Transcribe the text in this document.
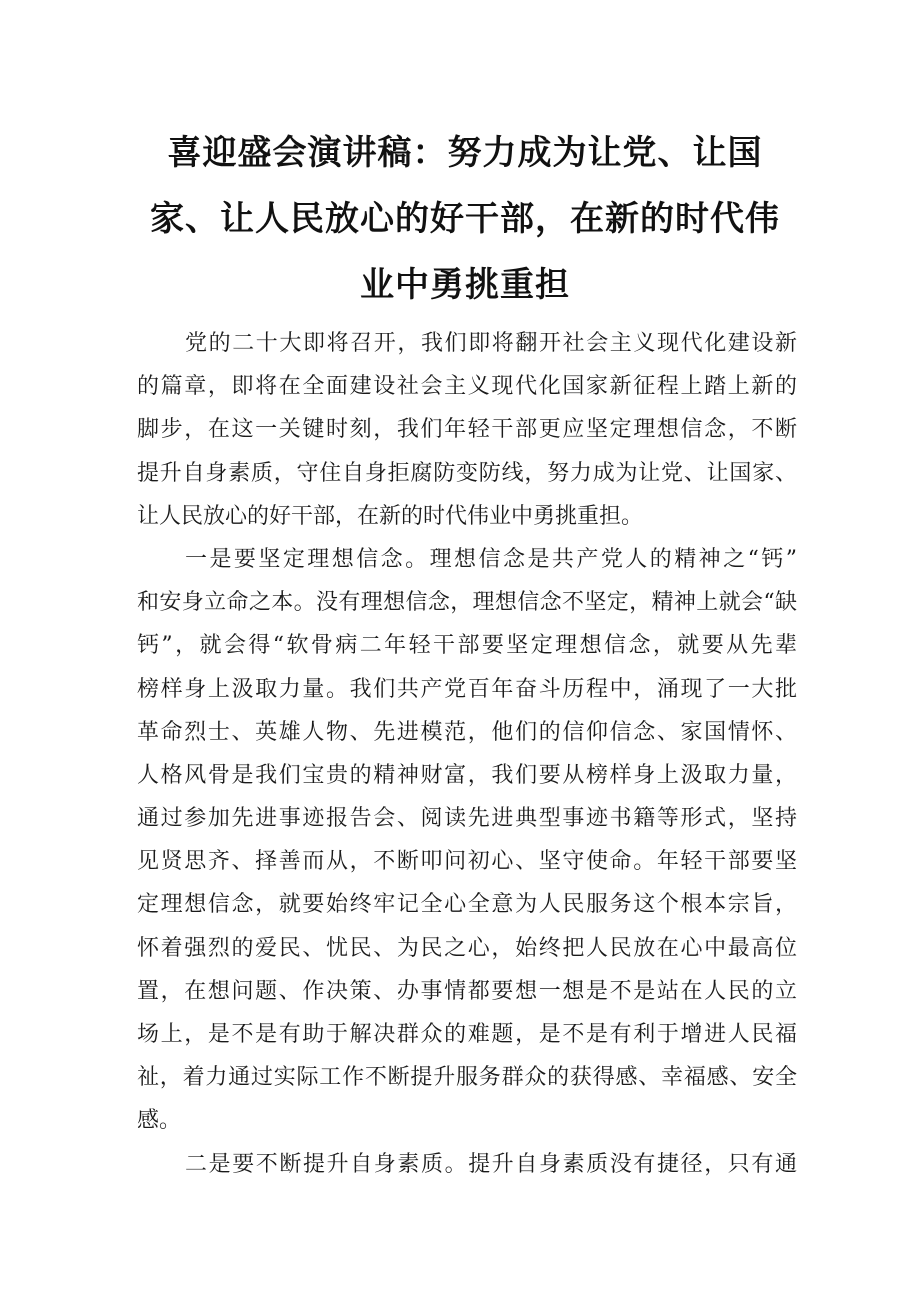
喜迎盛会演讲稿：努力成为让党、让国
家、让人民放心的好干部，在新的时代伟
业中勇挑重担
党的二十大即将召开，我们即将翻开社会主义现代化建设新
的篇章，即将在全面建设社会主义现代化国家新征程上踏上新的
脚步，在这一关键时刻，我们年轻干部更应坚定理想信念，不断
提升自身素质，守住自身拒腐防变防线，努力成为让党、让国家、
让人民放心的好干部，在新的时代伟业中勇挑重担。
一是要坚定理想信念。理想信念是共产党人的精神之“钙”
和安身立命之本。没有理想信念，理想信念不坚定，精神上就会“缺
钙”，就会得“软骨病二年轻干部要坚定理想信念，就要从先辈
榜样身上汲取力量。我们共产党百年奋斗历程中，涌现了一大批
革命烈士、英雄人物、先进模范，他们的信仰信念、家国情怀、
人格风骨是我们宝贵的精神财富，我们要从榜样身上汲取力量，
通过参加先进事迹报告会、阅读先进典型事迹书籍等形式，坚持
见贤思齐、择善而从，不断叩问初心、坚守使命。年轻干部要坚
定理想信念，就要始终牢记全心全意为人民服务这个根本宗旨，
怀着强烈的爱民、忧民、为民之心，始终把人民放在心中最高位
置，在想问题、作决策、办事情都要想一想是不是站在人民的立
场上，是不是有助于解决群众的难题，是不是有利于增进人民福
祉，着力通过实际工作不断提升服务群众的获得感、幸福感、安全
感。
二是要不断提升自身素质。提升自身素质没有捷径，只有通
